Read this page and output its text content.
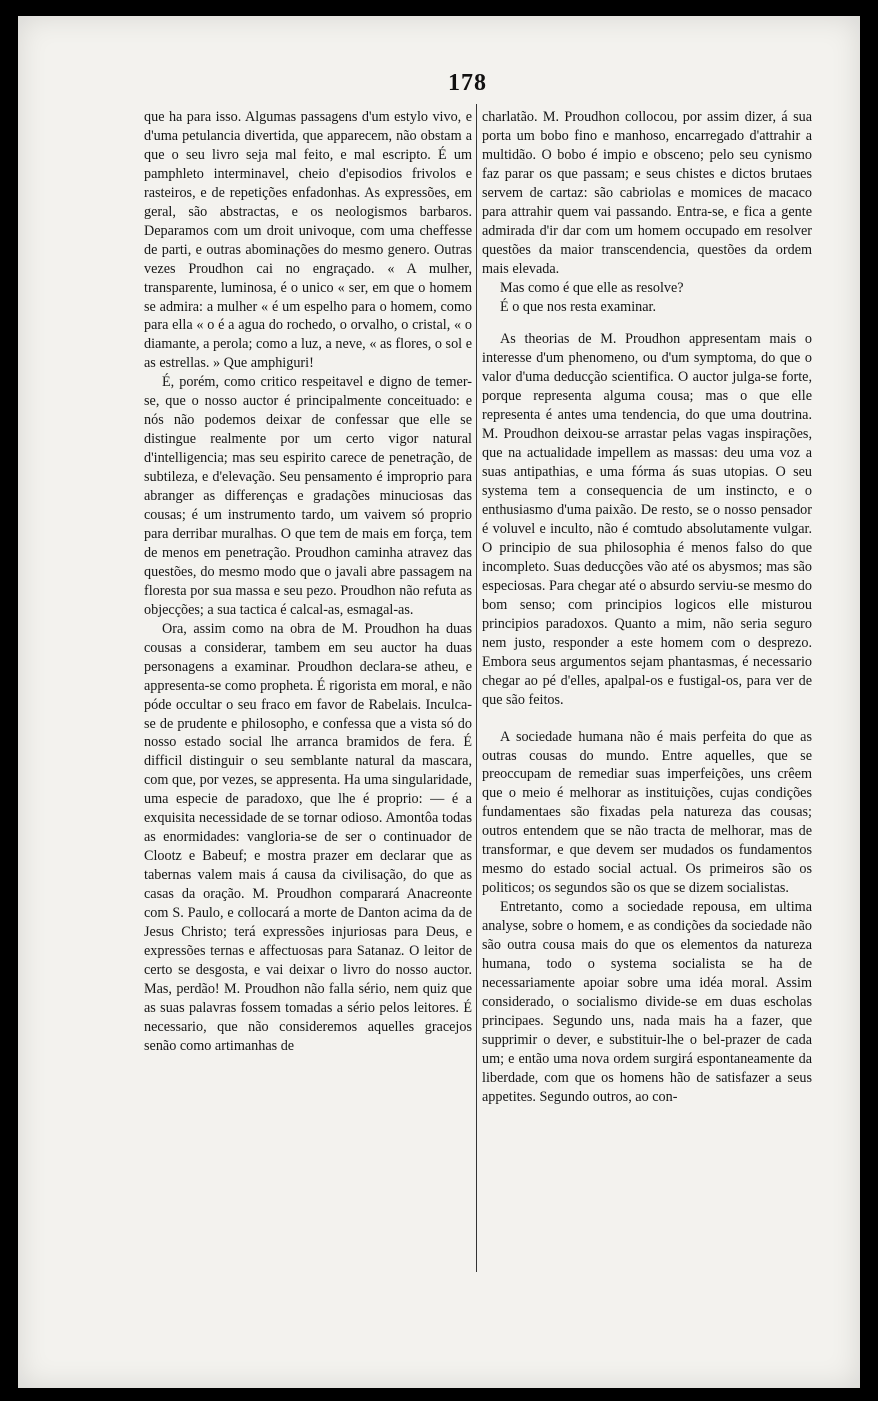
178

que ha para isso. Algumas passagens d'um estylo vivo, e d'uma petulancia divertida, que apparecem, não obstam a que o seu livro seja mal feito, e mal escripto. É um pamphleto interminavel, cheio d'episodios frivolos e rasteiros, e de repetições enfadonhas. As expressões, em geral, são abstractas, e os neologismos barbaros. Deparamos com um droit univoque, com uma cheffesse de parti, e outras abominações do mesmo genero. Outras vezes Proudhon cai no engraçado. « A mulher, transparente, luminosa, é o unico « ser, em que o homem se admira: a mulher « é um espelho para o homem, como para ella « o é a agua do rochedo, o orvalho, o cristal, « o diamante, a perola; como a luz, a neve, « as flores, o sol e as estrellas. » Que amphiguri!

É, porém, como critico respeitavel e digno de temer-se, que o nosso auctor é principalmente conceituado: e nós não podemos deixar de confessar que elle se distingue realmente por um certo vigor natural d'intelligencia; mas seu espirito carece de penetração, de subtileza, e d'elevação. Seu pensamento é improprio para abranger as differenças e gradações minuciosas das cousas; é um instrumento tardo, um vaivem só proprio para derribar muralhas. O que tem de mais em força, tem de menos em penetração. Proudhon caminha atravez das questões, do mesmo modo que o javali abre passagem na floresta por sua massa e seu pezo. Proudhon não refuta as objecções; a sua tactica é calcal-as, esmagal-as.

Ora, assim como na obra de M. Proudhon ha duas cousas a considerar, tambem em seu auctor ha duas personagens a examinar. Proudhon declara-se atheu, e appresenta-se como propheta. É rigorista em moral, e não póde occultar o seu fraco em favor de Rabelais. Inculca-se de prudente e philosopho, e confessa que a vista só do nosso estado social lhe arranca bramidos de fera. É difficil distinguir o seu semblante natural da mascara, com que, por vezes, se appresenta. Ha uma singularidade, uma especie de paradoxo, que lhe é proprio: — é a exquisita necessidade de se tornar odioso. Amontôa todas as enormidades: vangloria-se de ser o continuador de Clootz e Babeuf; e mostra prazer em declarar que as tabernas valem mais á causa da civilisação, do que as casas da oração. M. Proudhon comparará Anacreonte com S. Paulo, e collocará a morte de Danton acima da de Jesus Christo; terá expressões injuriosas para Deus, e expressões ternas e affectuosas para Satanaz. O leitor de certo se desgosta, e vai deixar o livro do nosso auctor. Mas, perdão! M. Proudhon não falla sério, nem quiz que as suas palavras fossem tomadas a sério pelos leitores. É necessario, que não consideremos aquelles gracejos senão como artimanhas de

charlatão. M. Proudhon collocou, por assim dizer, á sua porta um bobo fino e manhoso, encarregado d'attrahir a multidão. O bobo é impio e obsceno; pelo seu cynismo faz parar os que passam; e seus chistes e dictos brutaes servem de cartaz: são cabriolas e momices de macaco para attrahir quem vai passando. Entra-se, e fica a gente admirada d'ir dar com um homem occupado em resolver questões da maior transcendencia, questões da ordem mais elevada.

Mas como é que elle as resolve?

É o que nos resta examinar.

As theorias de M. Proudhon appresentam mais o interesse d'um phenomeno, ou d'um symptoma, do que o valor d'uma deducção scientifica. O auctor julga-se forte, porque representa alguma cousa; mas o que elle representa é antes uma tendencia, do que uma doutrina. M. Proudhon deixou-se arrastar pelas vagas inspirações, que na actualidade impellem as massas: deu uma voz a suas antipathias, e uma fórma ás suas utopias. O seu systema tem a consequencia de um instincto, e o enthusiasmo d'uma paixão. De resto, se o nosso pensador é voluvel e inculto, não é comtudo absolutamente vulgar. O principio de sua philosophia é menos falso do que incompleto. Suas deducções vão até os abysmos; mas são especiosas. Para chegar até o absurdo serviu-se mesmo do bom senso; com principios logicos elle misturou principios paradoxos. Quanto a mim, não seria seguro nem justo, responder a este homem com o desprezo. Embora seus argumentos sejam phantasmas, é necessario chegar ao pé d'elles, apalpal-os e fustigal-os, para ver de que são feitos.

A sociedade humana não é mais perfeita do que as outras cousas do mundo. Entre aquelles, que se preoccupam de remediar suas imperfeições, uns crêem que o meio é melhorar as instituições, cujas condições fundamentaes são fixadas pela natureza das cousas; outros entendem que se não tracta de melhorar, mas de transformar, e que devem ser mudados os fundamentos mesmo do estado social actual. Os primeiros são os politicos; os segundos são os que se dizem socialistas.

Entretanto, como a sociedade repousa, em ultima analyse, sobre o homem, e as condições da sociedade não são outra cousa mais do que os elementos da natureza humana, todo o systema socialista se ha de necessariamente apoiar sobre uma idéa moral. Assim considerado, o socialismo divide-se em duas escholas principaes. Segundo uns, nada mais ha a fazer, que supprimir o dever, e substituir-lhe o bel-prazer de cada um; e então uma nova ordem surgirá espontaneamente da liberdade, com que os homens hão de satisfazer a seus appetites. Segundo outros, ao con-
